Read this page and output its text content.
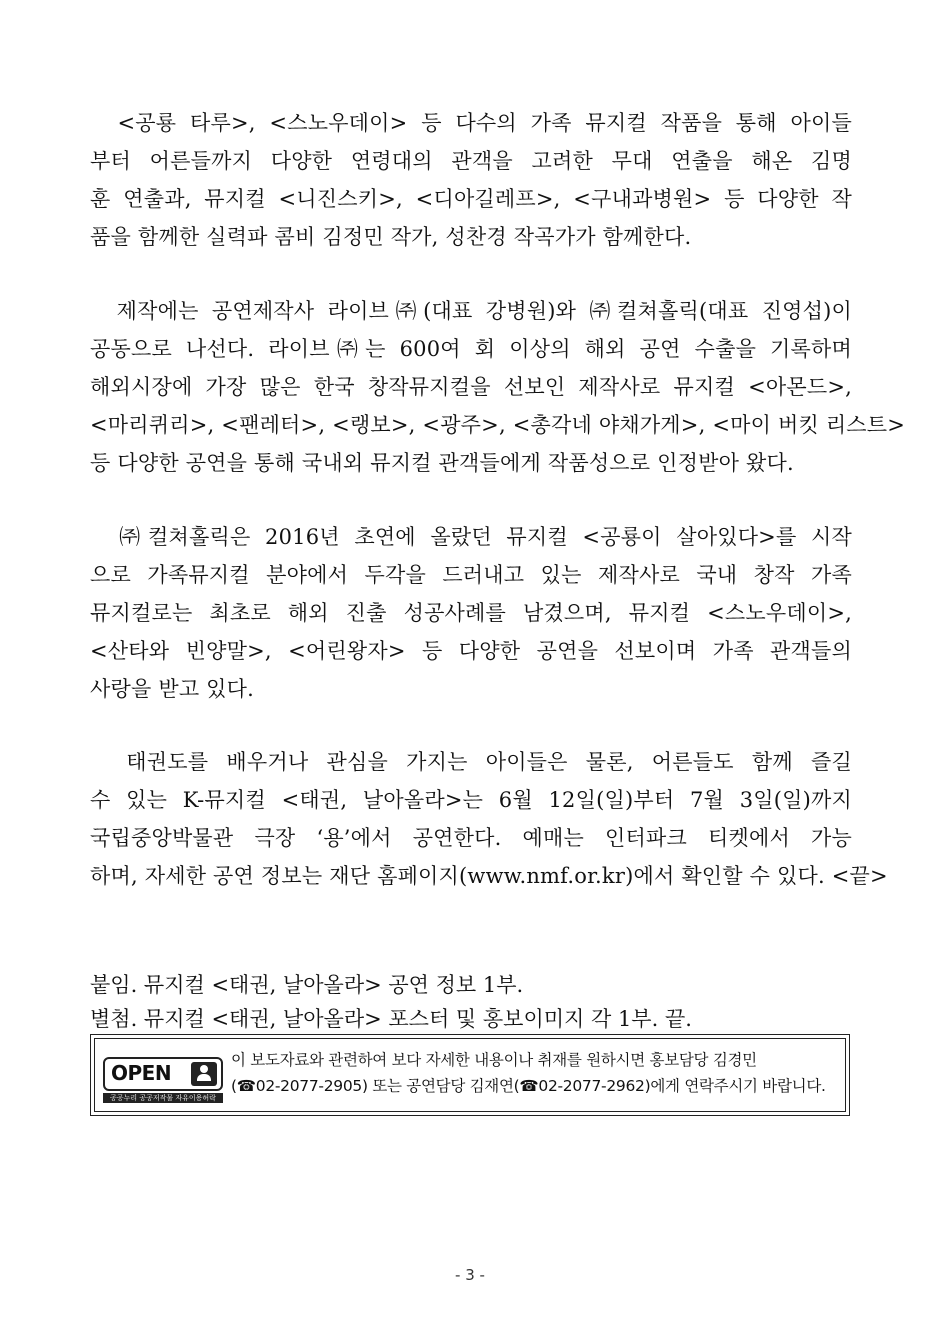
<공룡 타루>, <스노우데이> 등 다수의 가족 뮤지컬 작품을 통해 아이들
부터 어른들까지 다양한 연령대의 관객을 고려한 무대 연출을 해온 김명
훈 연출과, 뮤지컬 <니진스키>, <디아길레프>, <구내과병원> 등 다양한 작
품을 함께한 실력파 콤비 김정민 작가, 성찬경 작곡가가 함께한다.
제작에는 공연제작사 라이브㈜(대표 강병원)와 ㈜컬쳐홀릭(대표 진영섭)이
공동으로 나선다. 라이브㈜는 600여 회 이상의 해외 공연 수출을 기록하며
해외시장에 가장 많은 한국 창작뮤지컬을 선보인 제작사로 뮤지컬 <아몬드>,
<마리퀴리>, <팬레터>, <랭보>, <광주>, <총각네 야채가게>, <마이 버킷 리스트>
등 다양한 공연을 통해 국내외 뮤지컬 관객들에게 작품성으로 인정받아 왔다.
㈜컬쳐홀릭은 2016년 초연에 올랐던 뮤지컬 <공룡이 살아있다>를 시작
으로 가족뮤지컬 분야에서 두각을 드러내고 있는 제작사로 국내 창작 가족
뮤지컬로는 최초로 해외 진출 성공사례를 남겼으며, 뮤지컬 <스노우데이>,
<산타와 빈양말>, <어린왕자> 등 다양한 공연을 선보이며 가족 관객들의
사랑을 받고 있다.
태권도를 배우거나 관심을 가지는 아이들은 물론, 어른들도 함께 즐길
수 있는 K-뮤지컬 <태권, 날아올라>는 6월 12일(일)부터 7월 3일(일)까지
국립중앙박물관 극장 ‘용’에서 공연한다. 예매는 인터파크 티켓에서 가능
하며, 자세한 공연 정보는 재단 홈페이지(www.nmf.or.kr)에서 확인할 수 있다. <끝>
붙임. 뮤지컬 <태권, 날아올라> 공연 정보 1부.
별첨. 뮤지컬 <태권, 날아올라> 포스터 및 홍보이미지 각 1부. 끝.
OPEN
공공누리 공공저작물 자유이용허락
이 보도자료와 관련하여 보다 자세한 내용이나 취재를 원하시면 홍보담당 김경민
(☎02-2077-2905) 또는 공연담당 김재연(☎02-2077-2962)에게 연락주시기 바랍니다.
- 3 -
